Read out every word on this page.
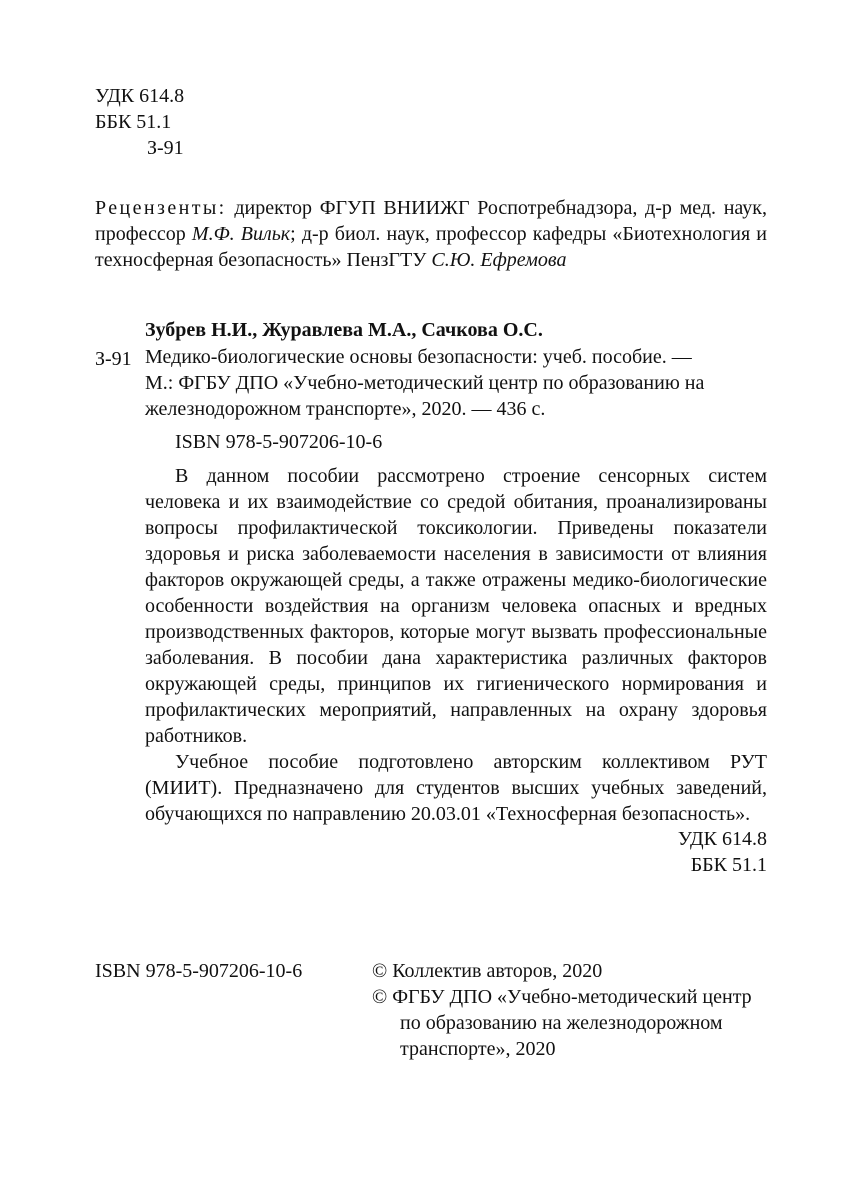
УДК 614.8
ББК 51.1
З-91
Рецензенты: директор ФГУП ВНИИЖГ Роспотребнадзора, д-р мед. наук, профессор М.Ф. Вильк; д-р биол. наук, профессор кафедры «Биотехнология и техносферная безопасность» ПензГТУ С.Ю. Ефремова
Зубрев Н.И., Журавлева М.А., Сачкова О.С.
З-91 Медико-биологические основы безопасности: учеб. пособие. —
М.: ФГБУ ДПО «Учебно-методический центр по образованию на
железнодорожном транспорте», 2020. — 436 с.
ISBN 978-5-907206-10-6

В данном пособии рассмотрено строение сенсорных систем человека и их взаимодействие со средой обитания, проанализированы вопросы профилактической токсикологии. Приведены показатели здоровья и риска заболеваемости населения в зависимости от влияния факторов окружающей среды, а также отражены медико-биологические особенности воздействия на организм человека опасных и вредных производственных факторов, которые могут вызвать профессиональные заболевания. В пособии дана характеристика различных факторов окружающей среды, принципов их гигиенического нормирования и профилактических мероприятий, направленных на охрану здоровья работников.

Учебное пособие подготовлено авторским коллективом РУТ (МИИТ). Предназначено для студентов высших учебных заведений, обучающихся по направлению 20.03.01 «Техносферная безопасность».

УДК 614.8
ББК 51.1
ISBN 978-5-907206-10-6	© Коллектив авторов, 2020
© ФГБУ ДПО «Учебно-методический центр по образованию на железнодорожном транспорте», 2020
